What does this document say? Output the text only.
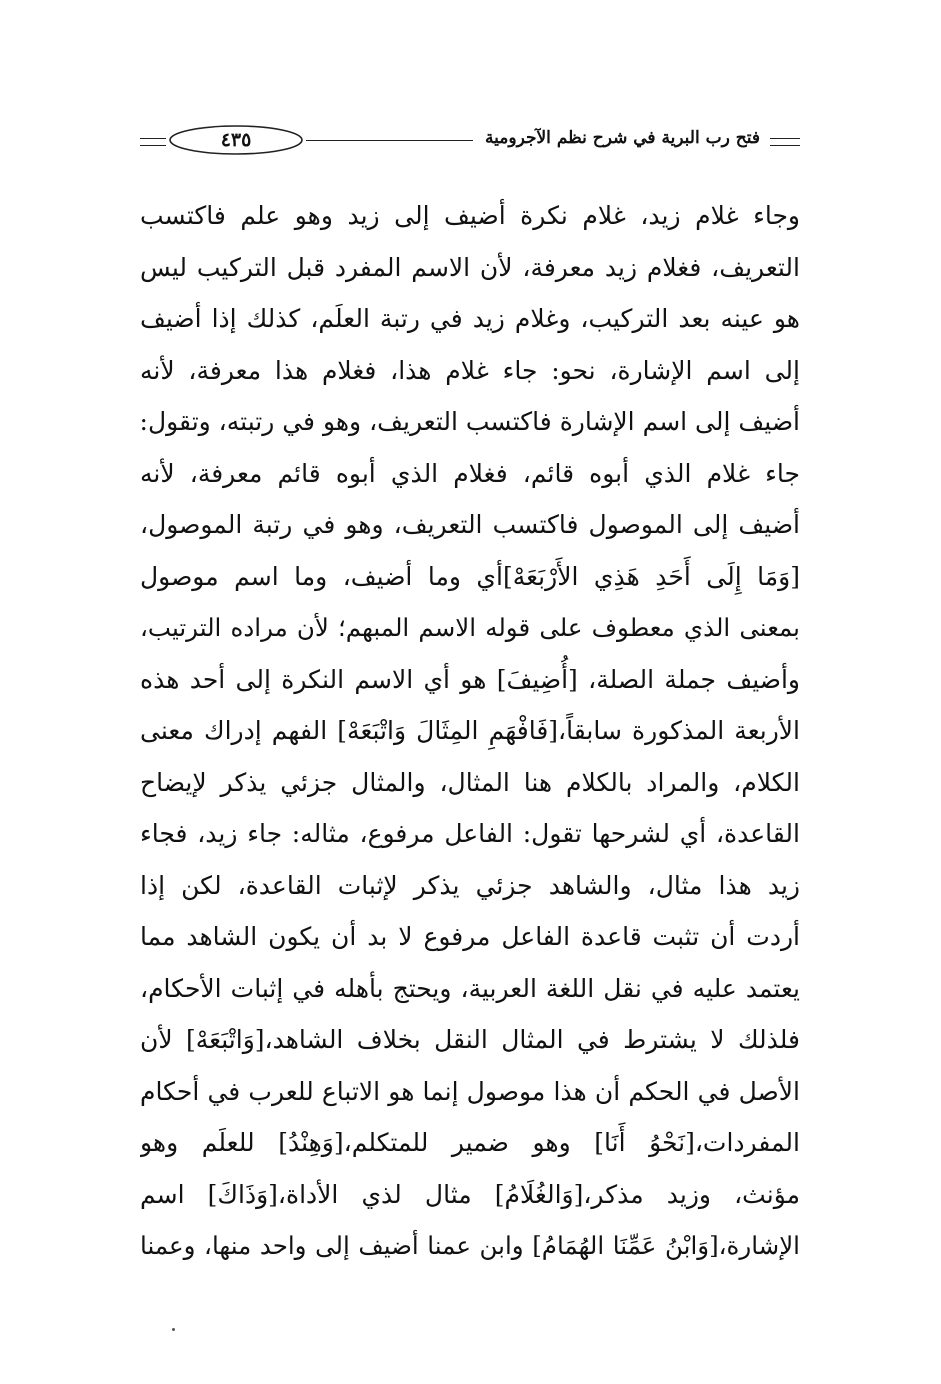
فتح رب البرية في شرح نظم الآجرومية
٤٣٥
وجاء غلام زيد، غلام نكرة أضيف إلى زيد وهو علم فاكتسب
التعريف، فغلام زيد معرفة، لأن الاسم المفرد قبل التركيب ليس
هو عينه بعد التركيب، وغلام زيد في رتبة العلَم، كذلك إذا أضيف
إلى اسم الإشارة، نحو: جاء غلام هذا، فغلام هذا معرفة، لأنه
أضيف إلى اسم الإشارة فاكتسب التعريف، وهو في رتبته، وتقول:
جاء غلام الذي أبوه قائم، فغلام الذي أبوه قائم معرفة، لأنه
أضيف إلى الموصول فاكتسب التعريف، وهو في رتبة الموصول،
[وَمَا إِلَى أَحَدِ هَذِي الأَرْبَعَهْ]أي وما أضيف، وما اسم موصول
بمعنى الذي معطوف على قوله الاسم المبهم؛ لأن مراده الترتيب،
وأضيف جملة الصلة، [أُضِيفَ] هو أي الاسم النكرة إلى أحد هذه
الأربعة المذكورة سابقاً،[فَافْهَمِ المِثَالَ وَاتْبَعَهْ] الفهم إدراك معنى
الكلام، والمراد بالكلام هنا المثال، والمثال جزئي يذكر لإيضاح
القاعدة، أي لشرحها تقول: الفاعل مرفوع، مثاله: جاء زيد، فجاء
زيد هذا مثال، والشاهد جزئي يذكر لإثبات القاعدة، لكن إذا
أردت أن تثبت قاعدة الفاعل مرفوع لا بد أن يكون الشاهد مما
يعتمد عليه في نقل اللغة العربية، ويحتج بأهله في إثبات الأحكام،
فلذلك لا يشترط في المثال النقل بخلاف الشاهد،[وَاتْبَعَهْ] لأن
الأصل في الحكم أن هذا موصول إنما هو الاتباع للعرب في أحكام
المفردات،[نَحْوُ أَنَا] وهو ضمير للمتكلم،[وَهِنْدُ] للعلَم وهو
مؤنث، وزيد مذكر،[وَالغُلَامُ] مثال لذي الأداة،[وَذَاكَ] اسم
الإشارة،[وَابْنُ عَمِّنَا الهُمَامُ] وابن عمنا أضيف إلى واحد منها، وعمنا
